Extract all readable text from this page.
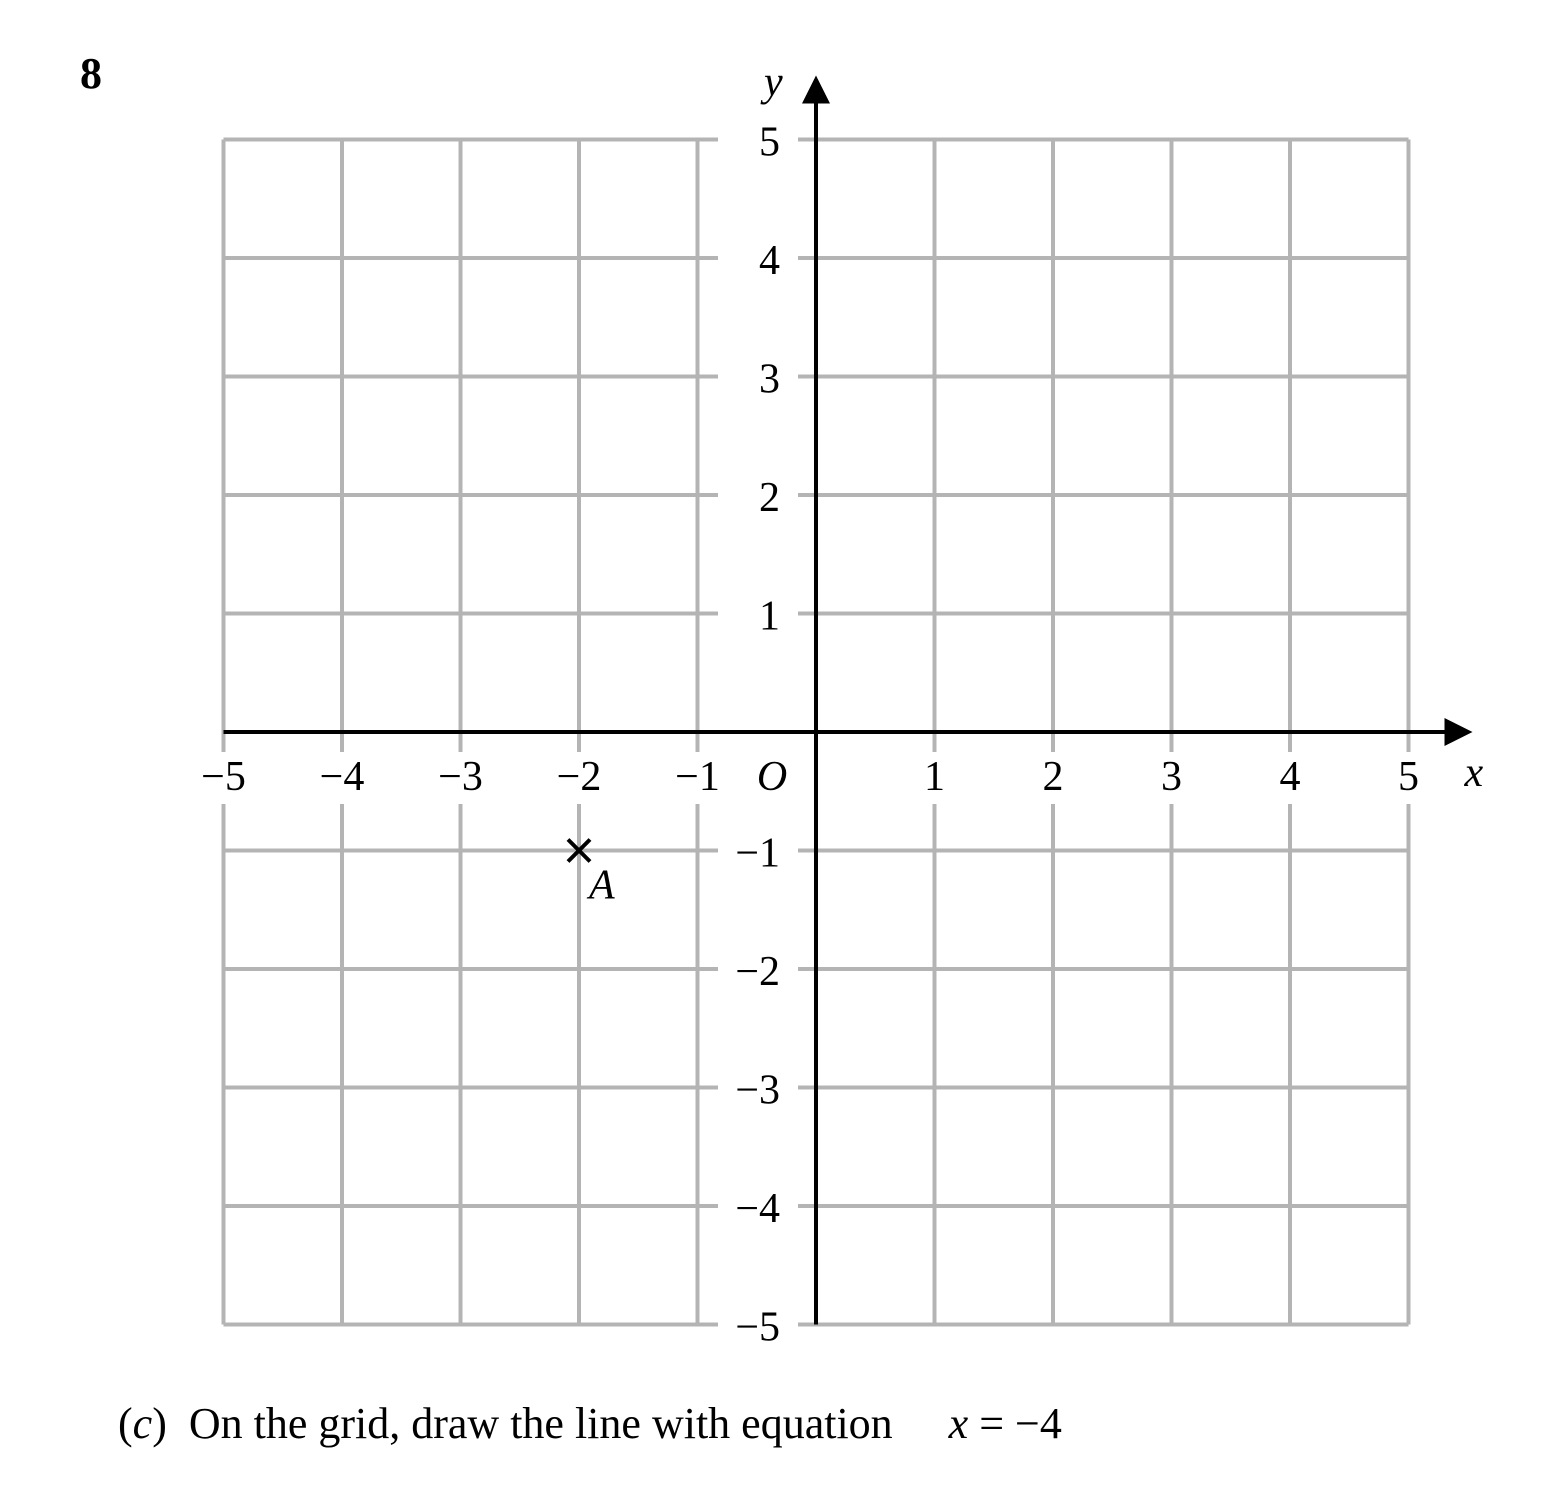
8
x
y
−5 −4 −3 −2 −1	1 2 3 4 5
5
4
3
2
1
−1
−2
−3
−4
−5
O
A
(c) On the grid, draw the line with equation x = −4
